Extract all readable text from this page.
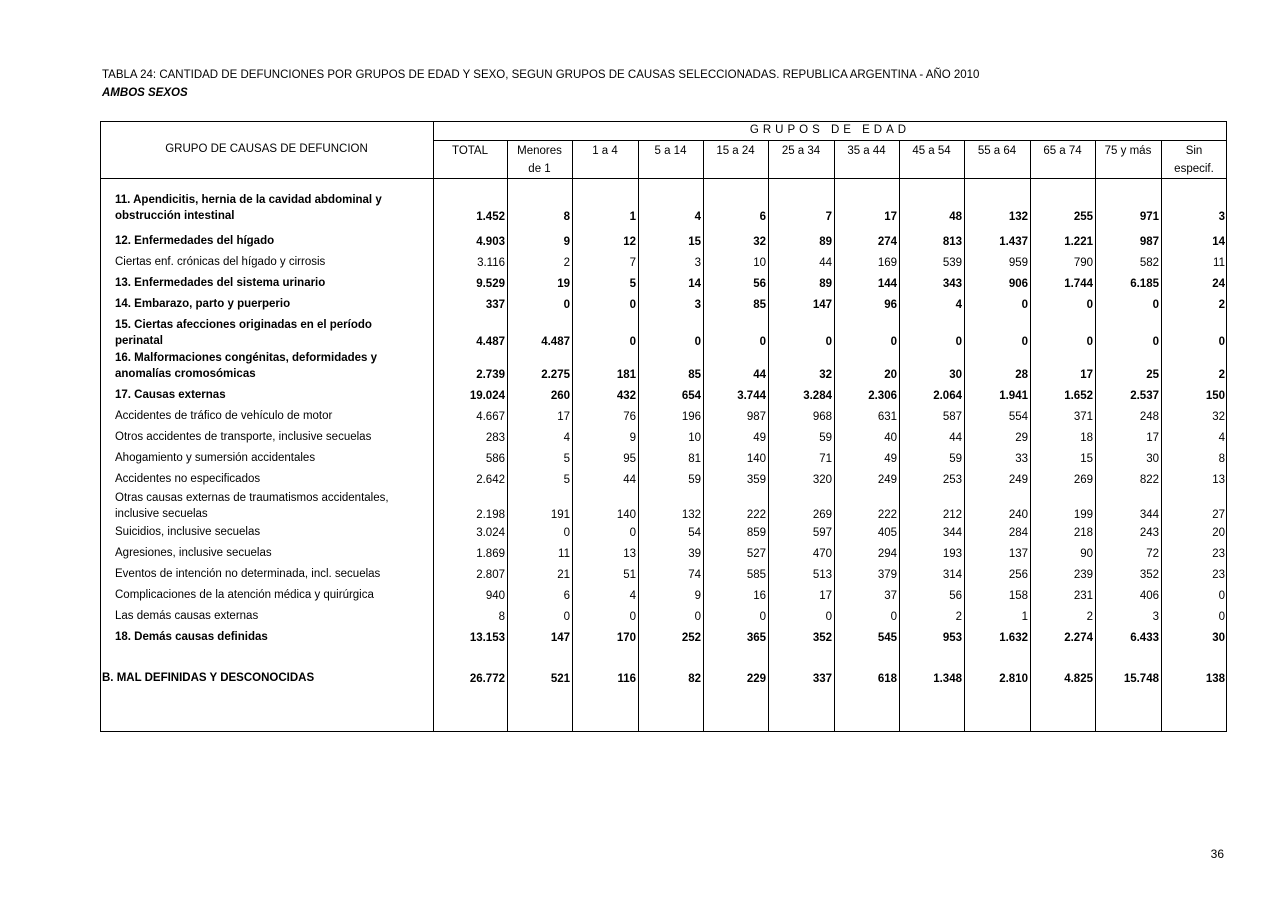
TABLA 24: CANTIDAD DE DEFUNCIONES POR GRUPOS DE EDAD Y SEXO, SEGUN GRUPOS DE CAUSAS SELECCIONADAS. REPUBLICA ARGENTINA - AÑO 2010
AMBOS SEXOS
GRUPOS DE EDAD
GRUPO DE CAUSAS DE DEFUNCION	TOTAL	Menores
de 1
1 a 4	5 a 14	15 a 24	25 a 34	35 a 44	45 a 54	55 a 64	65 a 74	75 y más	Sin
especif.
11. Apendicitis, hernia de la cavidad abdominal y
obstrucción intestinal	1.452	8	1	4	6	7	17	48	132	255	971	3
12. Enfermedades del hígado	4.903	9	12	15	32	89	274	813	1.437	1.221	987	14
Ciertas enf. crónicas del hígado y cirrosis	3.116	2	7	3	10	44	169	539	959	790	582	11
13. Enfermedades del sistema urinario	9.529	19	5	14	56	89	144	343	906	1.744	6.185	24
14. Embarazo, parto y puerperio	337	0	0	3	85	147	96	4	0	0	0	2
15. Ciertas afecciones originadas en el período
perinatal	4.487	4.487	0	0	0	0	0	0	0	0	0	0
16. Malformaciones congénitas, deformidades y
anomalías cromosómicas	2.739	2.275	181	85	44	32	20	30	28	17	25	2
17. Causas externas	19.024	260	432	654	3.744	3.284	2.306	2.064	1.941	1.652	2.537	150
Accidentes de tráfico de vehículo de motor	4.667	17	76	196	987	968	631	587	554	371	248	32
Otros accidentes de transporte, inclusive secuelas	283	4	9	10	49	59	40	44	29	18	17	4
Ahogamiento y sumersión accidentales	586	5	95	81	140	71	49	59	33	15	30	8
Accidentes no especificados	2.642	5	44	59	359	320	249	253	249	269	822	13
Otras causas externas de traumatismos accidentales,
inclusive secuelas	2.198	191	140	132	222	269	222	212	240	199	344	27
Suicidios, inclusive secuelas	3.024	0	0	54	859	597	405	344	284	218	243	20
Agresiones, inclusive secuelas	1.869	11	13	39	527	470	294	193	137	90	72	23
Eventos de intención no determinada, incl. secuelas	2.807	21	51	74	585	513	379	314	256	239	352	23
Complicaciones de la atención médica y quirúrgica	940	6	4	9	16	17	37	56	158	231	406	0
Las demás causas externas	8	0	0	0	0	0	0	2	1	2	3	0
18. Demás causas definidas	13.153	147	170	252	365	352	545	953	1.632	2.274	6.433	30
B. MAL DEFINIDAS Y DESCONOCIDAS	26.772	521	116	82	229	337	618	1.348	2.810	4.825	15.748	138
36
